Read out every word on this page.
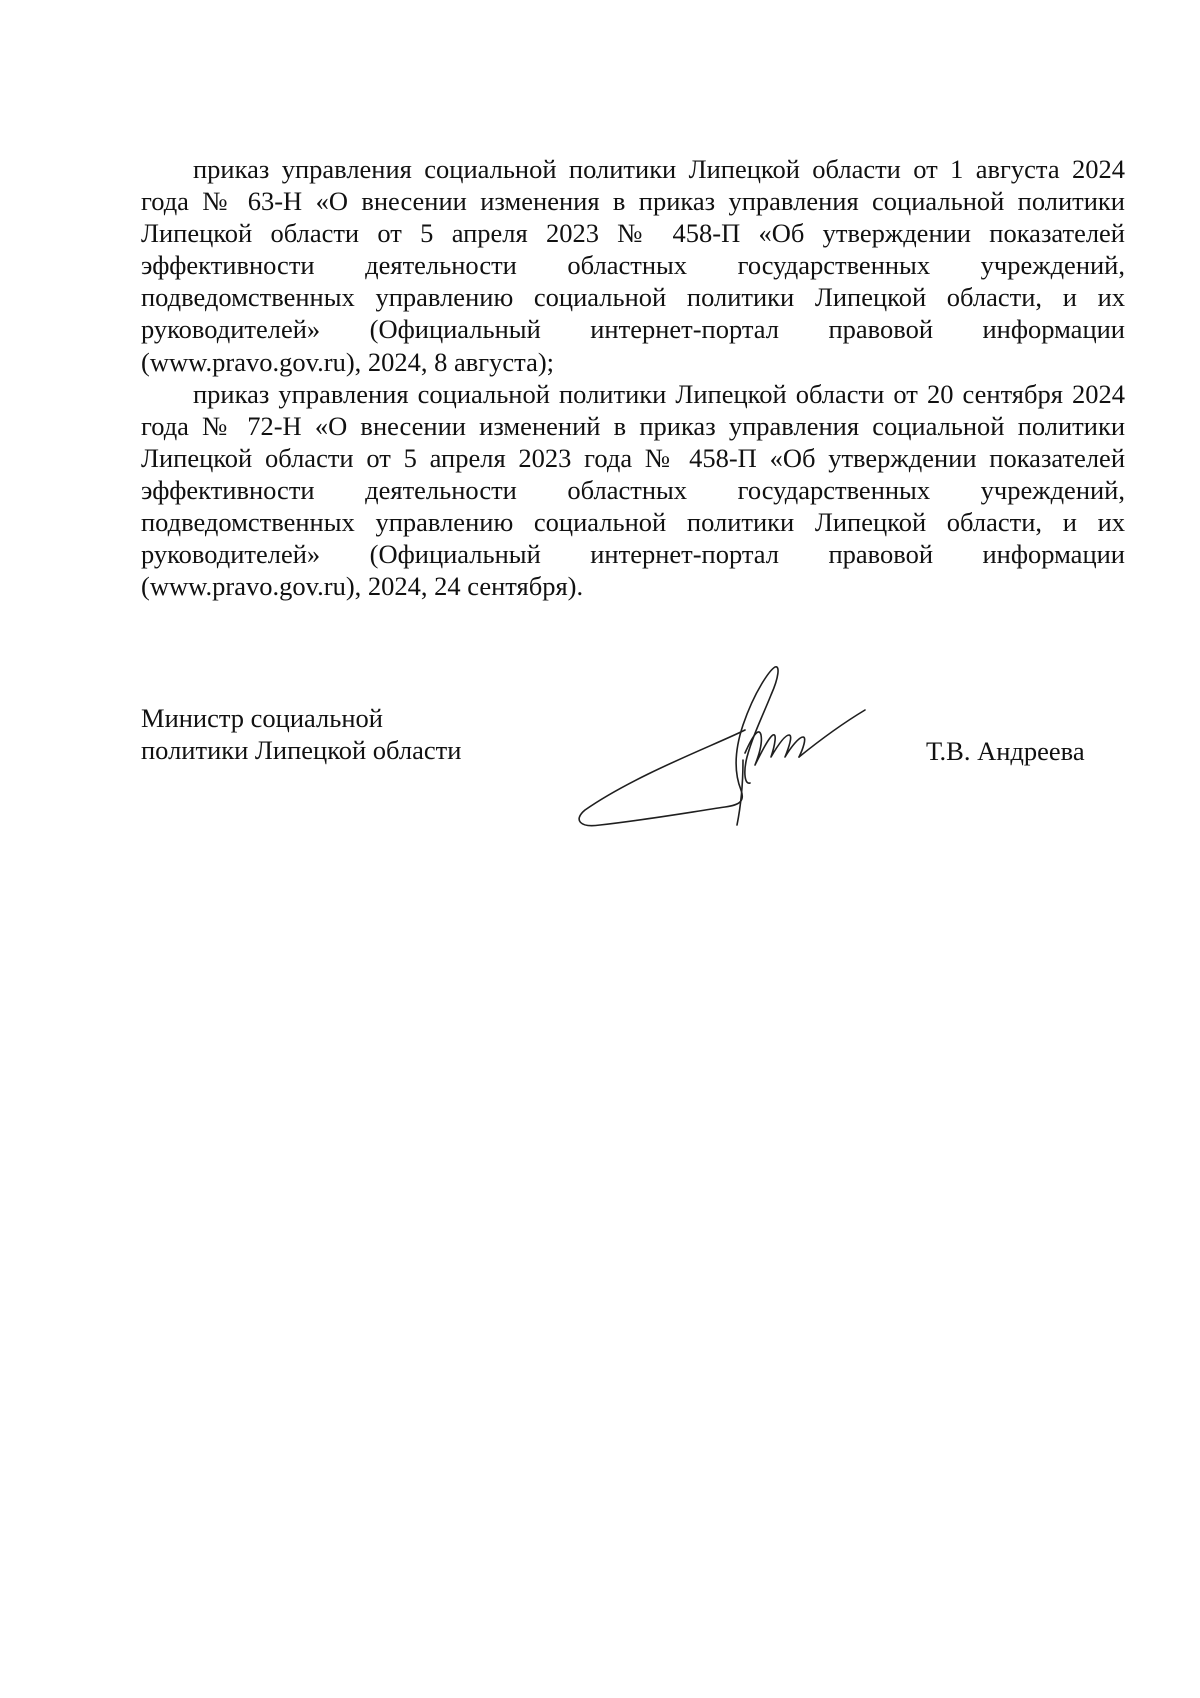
приказ управления социальной политики Липецкой области от 1 августа 2024 года № 63-Н «О внесении изменения в приказ управления социальной политики Липецкой области от 5 апреля 2023 № 458-П «Об утверждении показателей эффективности деятельности областных государственных учреждений, подведомственных управлению социальной политики Липецкой области, и их руководителей» (Официальный интернет-портал правовой информации (www.pravo.gov.ru), 2024, 8 августа);

приказ управления социальной политики Липецкой области от 20 сентября 2024 года № 72-Н «О внесении изменений в приказ управления социальной политики Липецкой области от 5 апреля 2023 года № 458-П «Об утверждении показателей эффективности деятельности областных государственных учреждений, подведомственных управлению социальной политики Липецкой области, и их руководителей» (Официальный интернет-портал правовой информации (www.pravo.gov.ru), 2024, 24 сентября).

Министр социальной
политики Липецкой области	Т.В. Андреева
